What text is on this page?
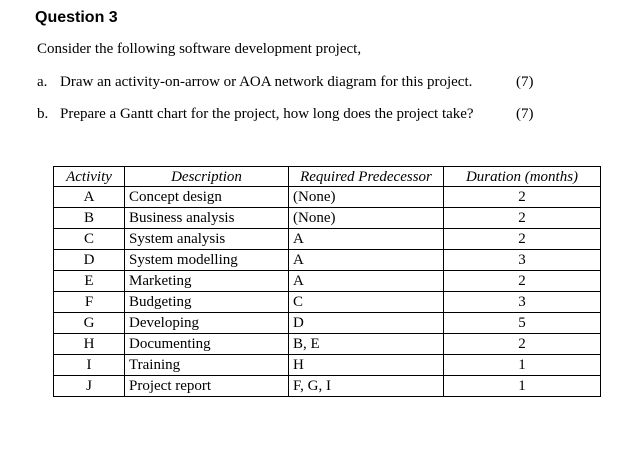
Question 3
Consider the following software development project,
a. Draw an activity-on-arrow or AOA network diagram for this project.	(7)
b. Prepare a Gantt chart for the project, how long does the project take?	(7)
Activity	Description	Required Predecessor	Duration (months)
A	Concept design	(None)	2
B	Business analysis	(None)	2
C	System analysis	A	2
D	System modelling	A	3
E	Marketing	A	2
F	Budgeting	C	3
G	Developing	D	5
H	Documenting	B, E	2
I	Training	H	1
J	Project report	F, G, I	1
